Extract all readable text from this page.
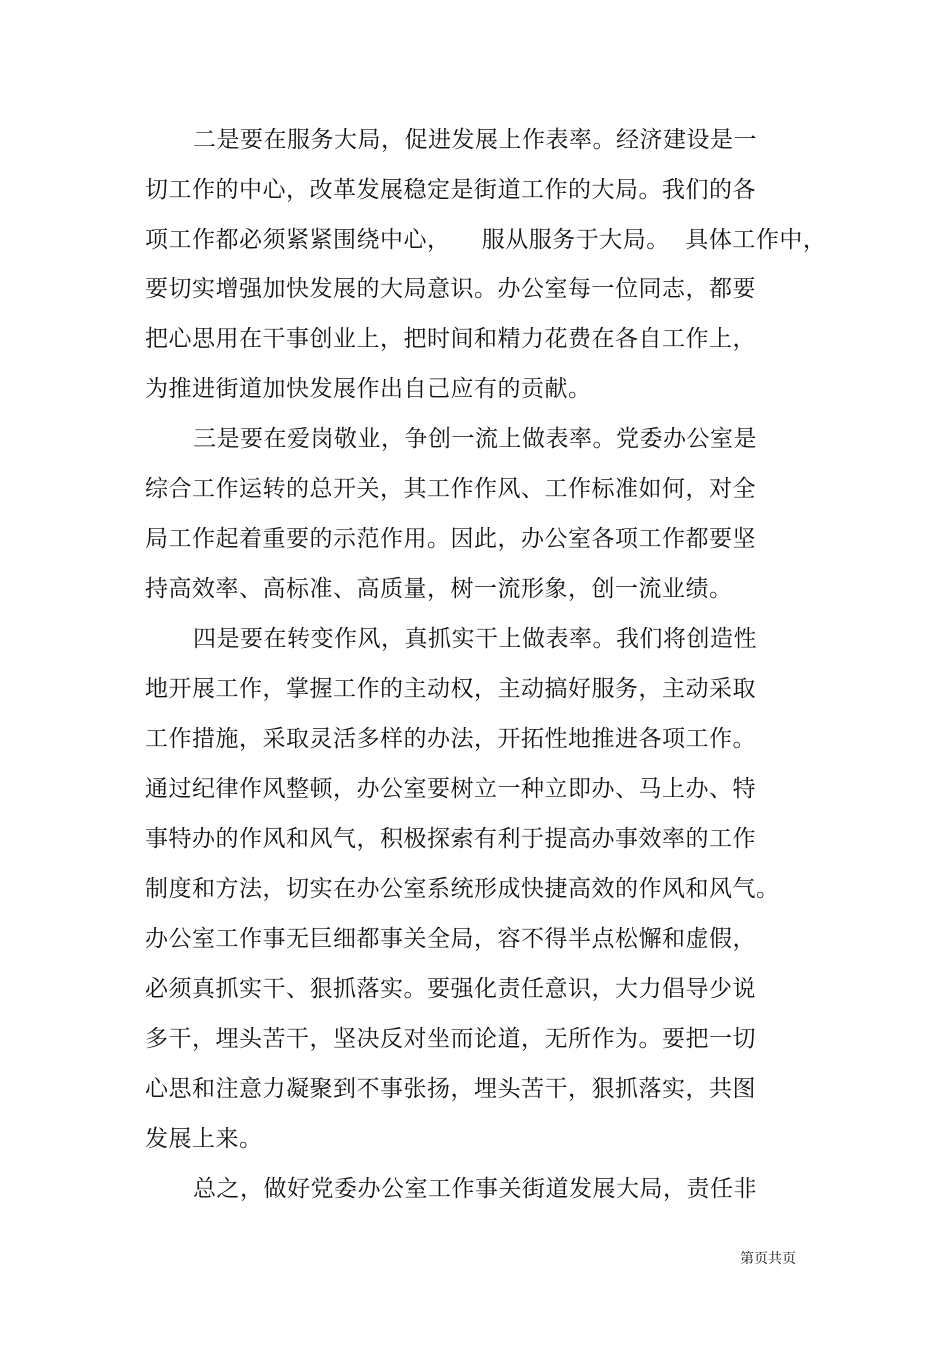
二是要在服务大局，促进发展上作表率。经济建设是一
切工作的中心，改革发展稳定是街道工作的大局。我们的各
项工作都必须紧紧围绕中心，    服从服务于大局。  具体工作中，
要切实增强加快发展的大局意识。办公室每一位同志，都要
把心思用在干事创业上，把时间和精力花费在各自工作上，
为推进街道加快发展作出自己应有的贡献。
三是要在爱岗敬业，争创一流上做表率。党委办公室是
综合工作运转的总开关，其工作作风、工作标准如何，对全
局工作起着重要的示范作用。因此，办公室各项工作都要坚
持高效率、高标准、高质量，树一流形象，创一流业绩。
四是要在转变作风，真抓实干上做表率。我们将创造性
地开展工作，掌握工作的主动权，主动搞好服务，主动采取
工作措施，采取灵活多样的办法，开拓性地推进各项工作。
通过纪律作风整顿，办公室要树立一种立即办、马上办、特
事特办的作风和风气，积极探索有利于提高办事效率的工作
制度和方法，切实在办公室系统形成快捷高效的作风和风气。
办公室工作事无巨细都事关全局，容不得半点松懈和虚假，
必须真抓实干、狠抓落实。要强化责任意识，大力倡导少说
多干，埋头苦干，坚决反对坐而论道，无所作为。要把一切
心思和注意力凝聚到不事张扬，埋头苦干，狠抓落实，共图
发展上来。
总之，做好党委办公室工作事关街道发展大局，责任非
第页共页
